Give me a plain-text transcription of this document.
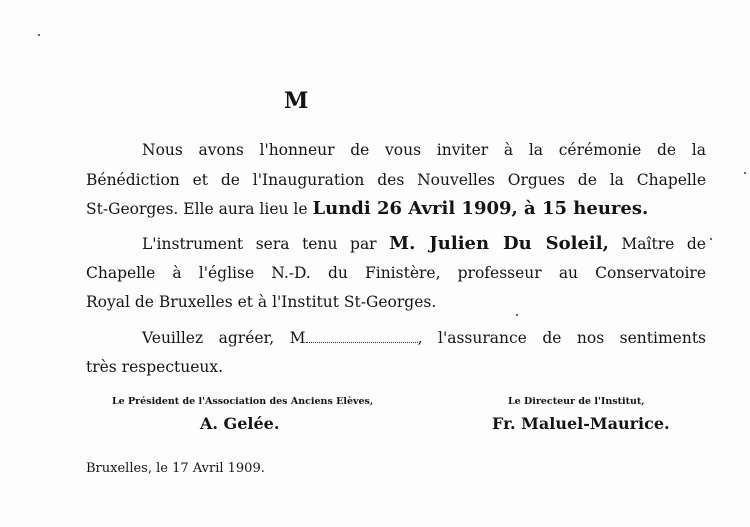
M
Nous avons l'honneur de vous inviter à la cérémonie de la
Bénédiction et de l'Inauguration des Nouvelles Orgues de la Chapelle
St-Georges. Elle aura lieu le Lundi 26 Avril 1909, à 15 heures.
L'instrument sera tenu par M. Julien Du Soleil, Maître de
Chapelle à l'église N.-D. du Finistère, professeur au Conservatoire
Royal de Bruxelles et à l'Institut St-Georges.
Veuillez agréer, M	, l'assurance de nos sentiments
très respectueux.
Le Président de l'Association des Anciens Elèves,	Le Directeur de l'Institut,
A. Gelée.	Fr. Maluel-Maurice.
Bruxelles, le 17 Avril 1909.
